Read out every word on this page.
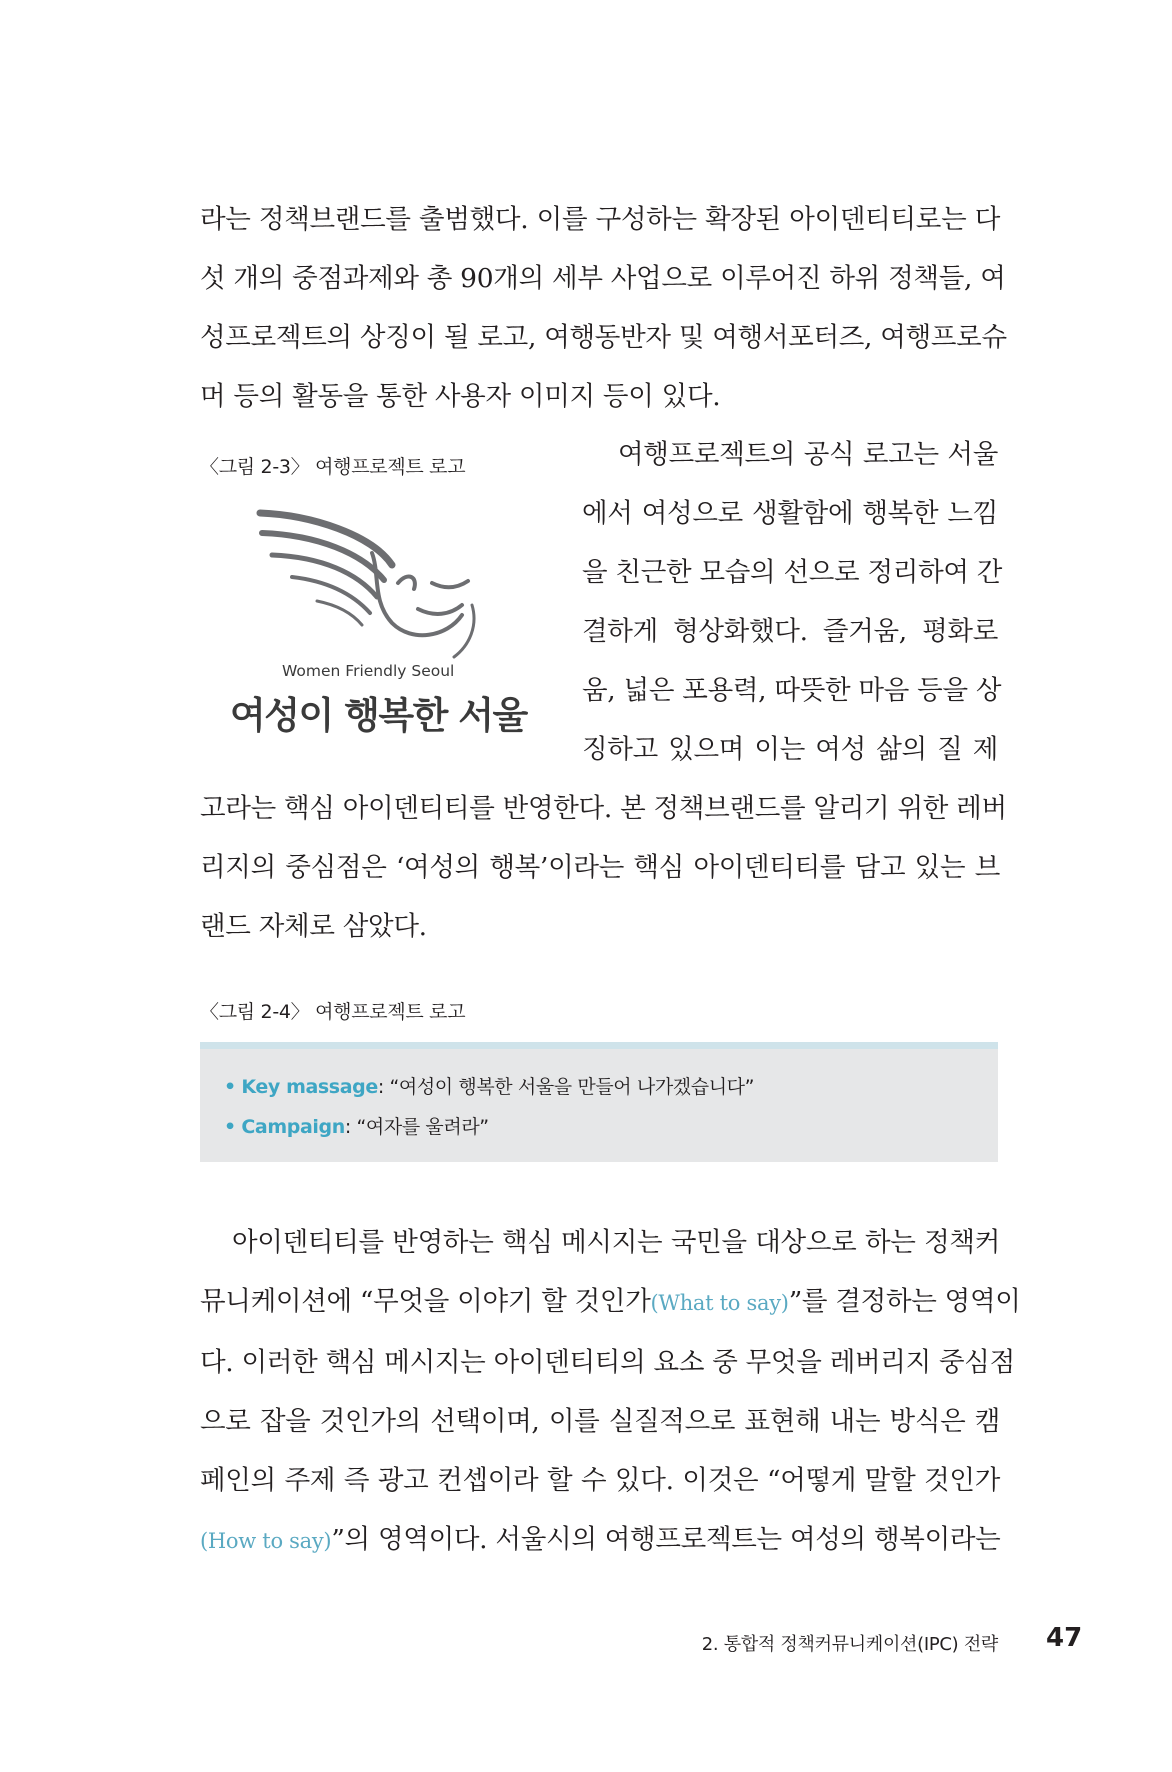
라는 정책브랜드를 출범했다. 이를 구성하는 확장된 아이덴티티로는 다
섯 개의 중점과제와 총 90개의 세부 사업으로 이루어진 하위 정책들, 여
성프로젝트의 상징이 될 로고, 여행동반자 및 여행서포터즈, 여행프로슈
머 등의 활동을 통한 사용자 이미지 등이 있다.
〈그림 2-3〉 여행프로젝트 로고
Women Friendly Seoul
여성이 행복한 서울
여행프로젝트의 공식 로고는 서울
에서 여성으로 생활함에 행복한 느낌
을 친근한 모습의 선으로 정리하여 간
결하게 형상화했다. 즐거움, 평화로
움, 넓은 포용력, 따뜻한 마음 등을 상
징하고 있으며 이는 여성 삶의 질 제
고라는 핵심 아이덴티티를 반영한다. 본 정책브랜드를 알리기 위한 레버
리지의 중심점은 ‘여성의 행복’이라는 핵심 아이덴티티를 담고 있는 브
랜드 자체로 삼았다.
〈그림 2-4〉 여행프로젝트 로고
• Key massage: “여성이 행복한 서울을 만들어 나가겠습니다”
• Campaign: “여자를 울려라”
아이덴티티를 반영하는 핵심 메시지는 국민을 대상으로 하는 정책커
뮤니케이션에 “무엇을 이야기 할 것인가(What to say)”를 결정하는 영역이
다. 이러한 핵심 메시지는 아이덴티티의 요소 중 무엇을 레버리지 중심점
으로 잡을 것인가의 선택이며, 이를 실질적으로 표현해 내는 방식은 캠
페인의 주제 즉 광고 컨셉이라 할 수 있다. 이것은 “어떻게 말할 것인가
(How to say)”의 영역이다. 서울시의 여행프로젝트는 여성의 행복이라는
2. 통합적 정책커뮤니케이션(IPC) 전략 47
